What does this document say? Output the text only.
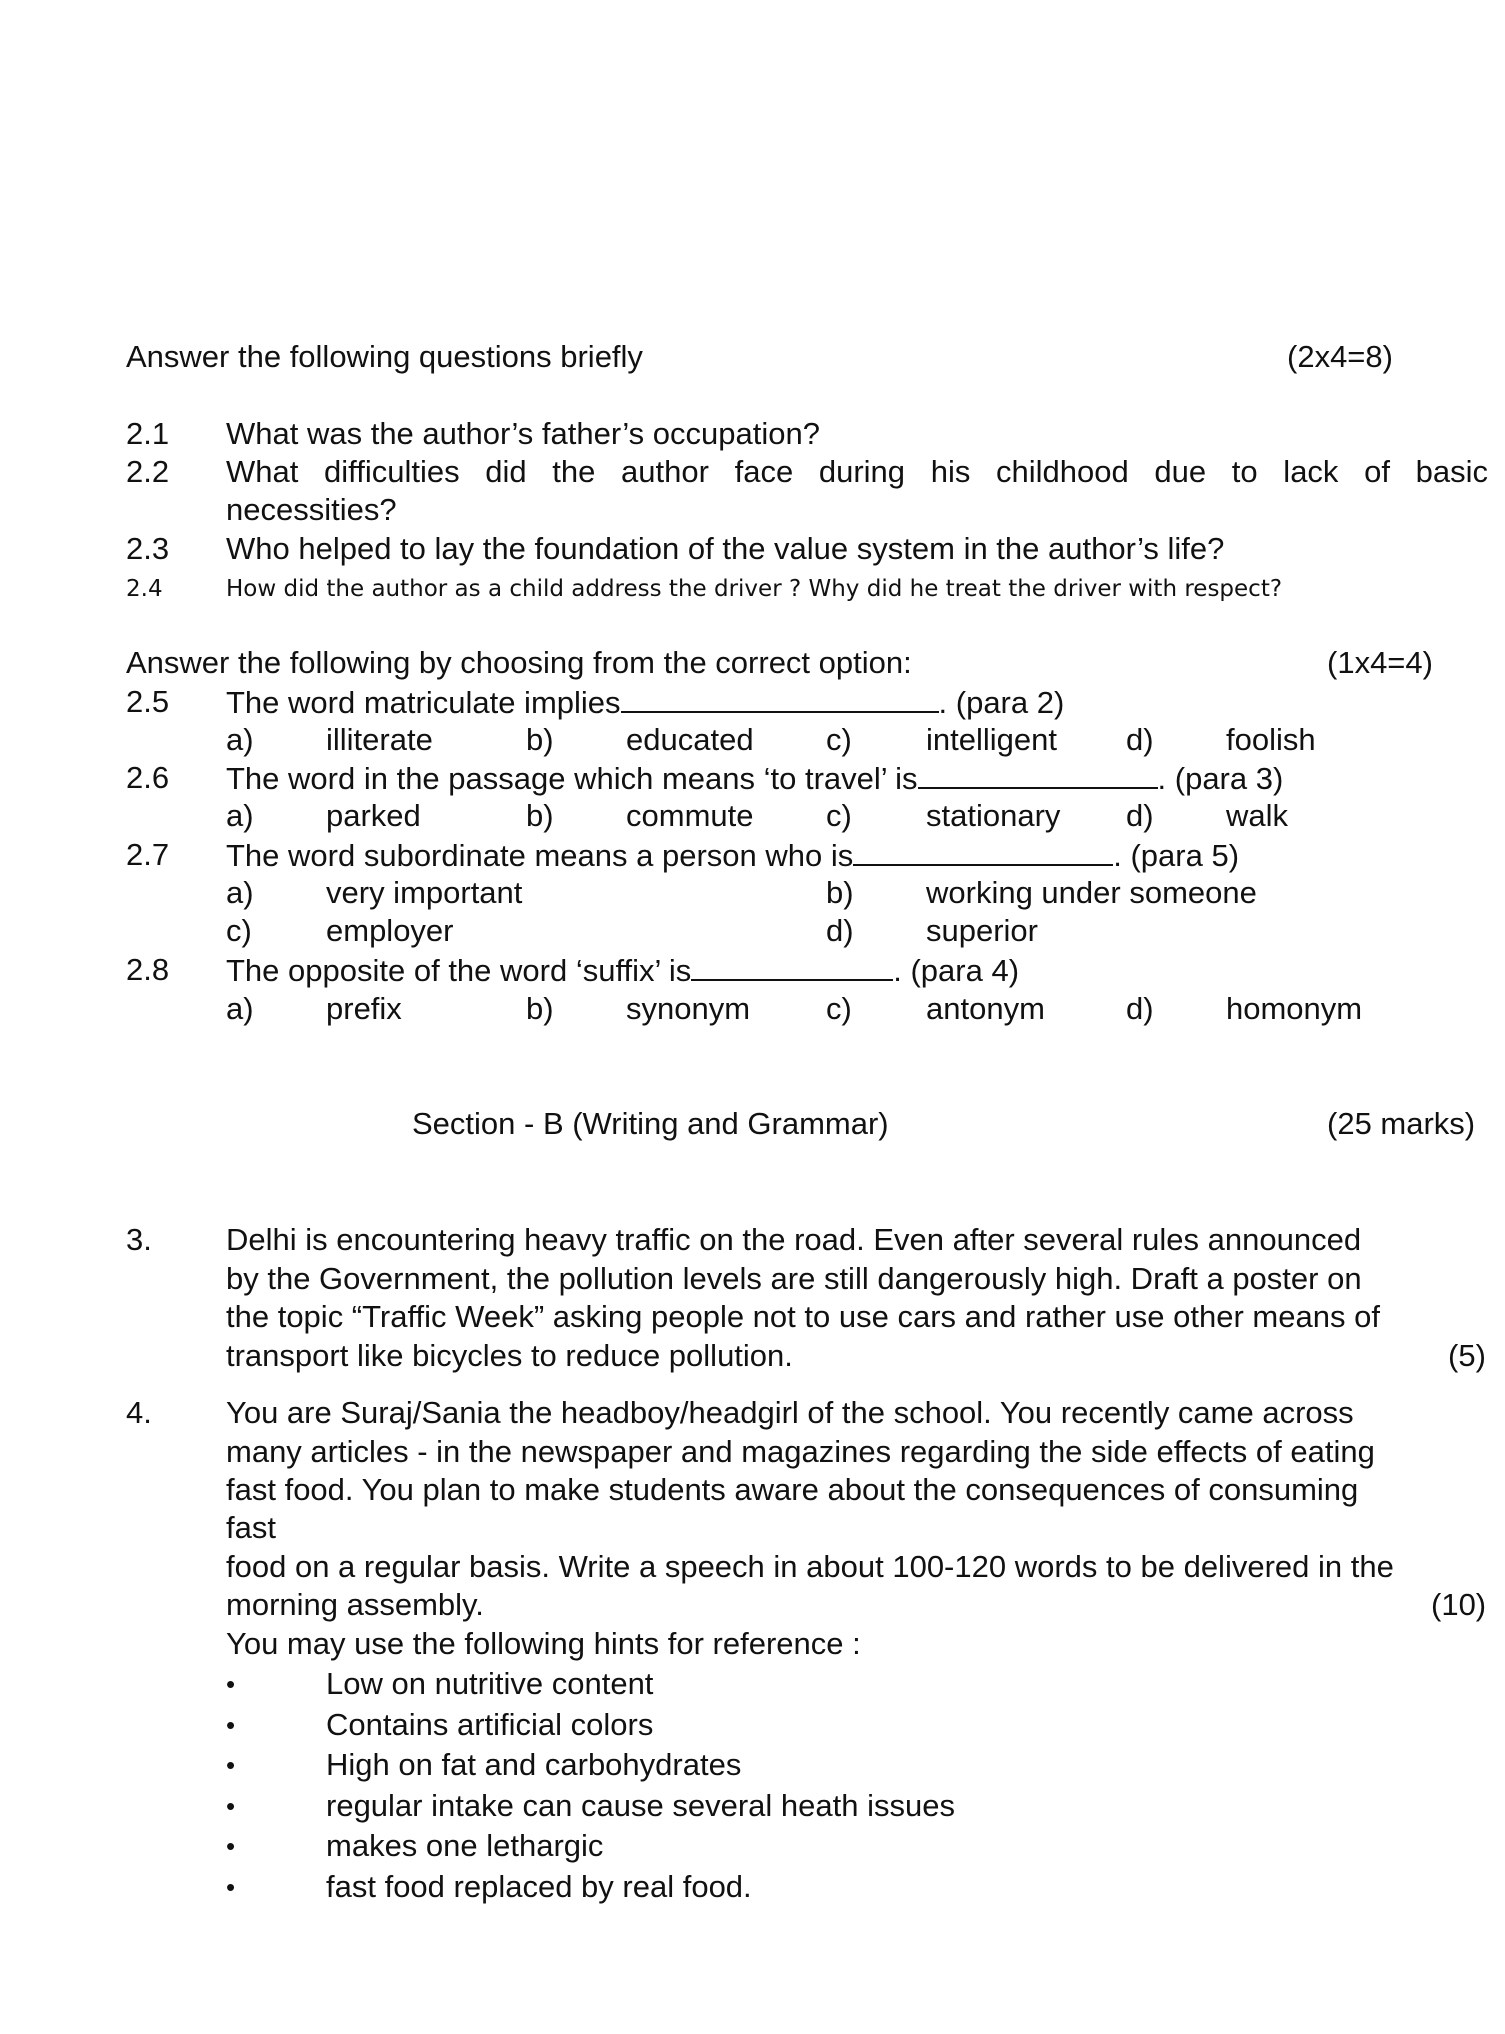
Answer the following questions briefly	(2x4=8)
2.1 What was the author’s father’s occupation?
2.2 What difficulties did the author face during his childhood due to lack of basic
necessities?
2.3 Who helped to lay the foundation of the value system in the author’s life?
2.4	How did the author as a child address the driver ? Why did he treat the driver with respect?
Answer the following by choosing from the correct option:	(1x4=4)
2.5 The word matriculate implies	. (para 2)
a) illiterate	b) educated c) intelligent d) foolish
2.6 The word in the passage which means ‘to travel’ is	. (para 3)
a) parked	b) commute c) stationary d) walk
2.7 The word subordinate means a person who is	. (para 5)
a) very important	b) working under someone
c) employer	d) superior
2.8 The opposite of the word ‘suffix’ is	. (para 4)
a) prefix	b) synonym c) antonym	d) homonym
Section - B (Writing and Grammar)	(25 marks)
3. Delhi is encountering heavy traffic on the road. Even after several rules announced
by the Government, the pollution levels are still dangerously high. Draft a poster on
the topic “Traffic Week” asking people not to use cars and rather use other means of
transport like bicycles to reduce pollution.	(5)
4. You are Suraj/Sania the headboy/headgirl of the school. You recently came across
many articles - in the newspaper and magazines regarding the side effects of eating
fast food. You plan to make students aware about the consequences of consuming
fast
food on a regular basis. Write a speech in about 100-120 words to be delivered in the
morning assembly.	(10)
You may use the following hints for reference :
•	Low on nutritive content
•	Contains artificial colors
•	High on fat and carbohydrates
•	regular intake can cause several heath issues
•	makes one lethargic
•	fast food replaced by real food.
